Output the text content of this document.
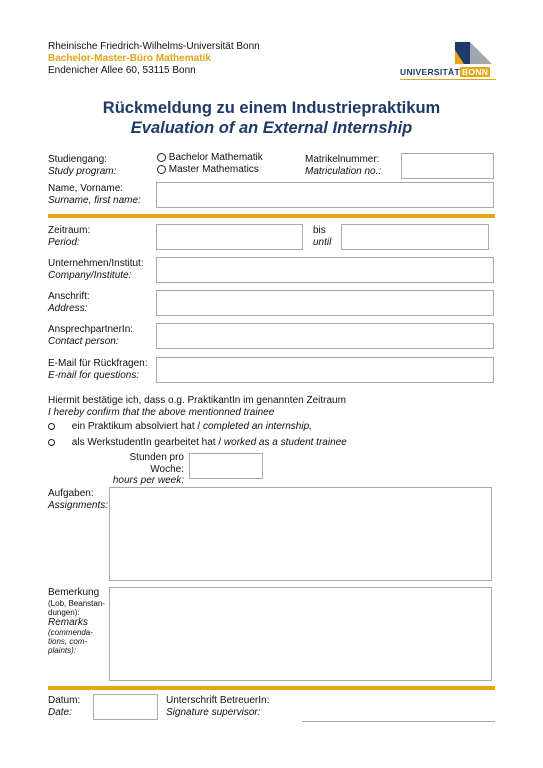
Rheinische Friedrich-Wilhelms-Universität Bonn
Bachelor-Master-Büro Mathematik
Endenicher Allee 60, 53115 Bonn	UNIVERSITÄT BONN
Rückmeldung zu einem Industriepraktikum
Evaluation of an External Internship
Studiengang:
Study program:
Bachelor Mathematik
Master Mathematics
Matrikelnummer:
Matriculation no.:
Name, Vorname:
Surname, first name:
Zeitraum:
Period:
bis
until
Unternehmen/Institut:
Company/Institute:
Anschrift:
Address:
AnsprechpartnerIn:
Contact person:
E-Mail für Rückfragen:
E-mail for questions:
Hiermit bestätige ich, dass o.g. PraktikantIn im genannten Zeitraum
I hereby confirm that the above mentionned trainee
ein Praktikum absolviert hat / completed an internship,
als WerkstudentIn gearbeitet hat / worked as a student trainee
Stunden pro Woche:
hours per week:
Aufgaben:
Assignments:
Bemerkung
(Lob, Beanstan-dungen):
Remarks
(commenda-tions, com-plaints):
Datum:
Date:
Unterschrift BetreuerIn:
Signature supervisor:
